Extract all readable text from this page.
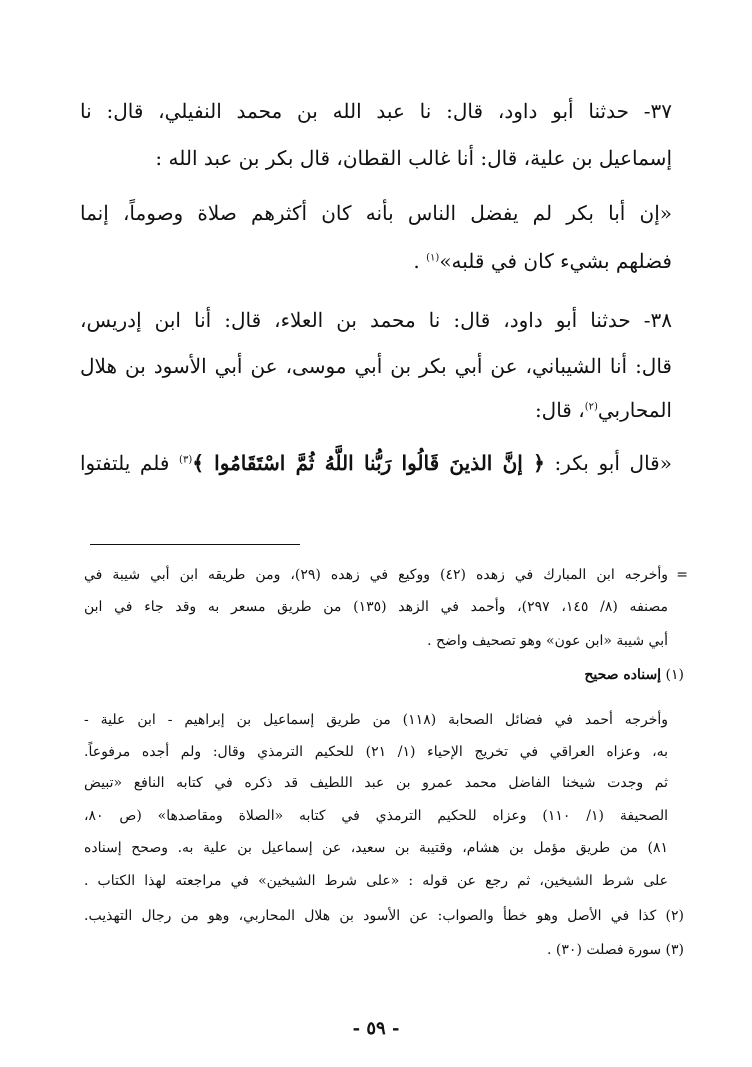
٣٧- حدثنا أبو داود، قال: نا عبد الله بن محمد النفيلي، قال: نا
إسماعيل بن علية، قال: أنا غالب القطان، قال بكر بن عبد الله :
«إن أبا بكر لم يفضل الناس بأنه كان أكثرهم صلاة وصوماً، إنما
فضلهم بشيء كان في قلبه»$^{(١)}$ .
٣٨- حدثنا أبو داود، قال: نا محمد بن العلاء، قال: أنا ابن إدريس،
قال: أنا الشيباني، عن أبي بكر بن أبي موسى، عن أبي الأسود بن هلال
المحاربي$^{(٢)}$، قال:
«قال أبو بكر: ﴿ إنَّ الذينَ قَالُوا رَبُّنا اللَّهُ ثُمَّ اسْتَقَامُوا ﴾$^{(٣)}$ فلم يلتفتوا
=
وأخرجه ابن المبارك في زهده (٤٢) ووكيع في زهده (٢٩)، ومن طريقه ابن أبي شيبة في
مصنفه (٨/ ١٤٥، ٢٩٧)، وأحمد في الزهد (١٣٥) من طريق مسعر به وقد جاء في ابن
أبي شيبة «ابن عون» وهو تصحيف واضح .
(١) إسناده صحيح
وأخرجه أحمد في فضائل الصحابة (١١٨) من طريق إسماعيل بن إبراهيم - ابن علية -
به، وعزاه العراقي في تخريج الإحياء (١/ ٢١) للحكيم الترمذي وقال: ولم أجده مرفوعاً.
ثم وجدت شيخنا الفاضل محمد عمرو بن عبد اللطيف قد ذكره في كتابه النافع «تبيض
الصحيفة (١/ ١١٠) وعزاه للحكيم الترمذي في كتابه «الصلاة ومقاصدها» (ص ٨٠،
٨١) من طريق مؤمل بن هشام، وقتيبة بن سعيد، عن إسماعيل بن علية به. وصحح إسناده
على شرط الشيخين، ثم رجع عن قوله : «على شرط الشيخين» في مراجعته لهذا الكتاب .
(٢) كذا في الأصل وهو خطأ والصواب: عن الأسود بن هلال المحاربي، وهو من رجال التهذيب.
(٣) سورة فصلت (٣٠) .
- ٥٩ -
